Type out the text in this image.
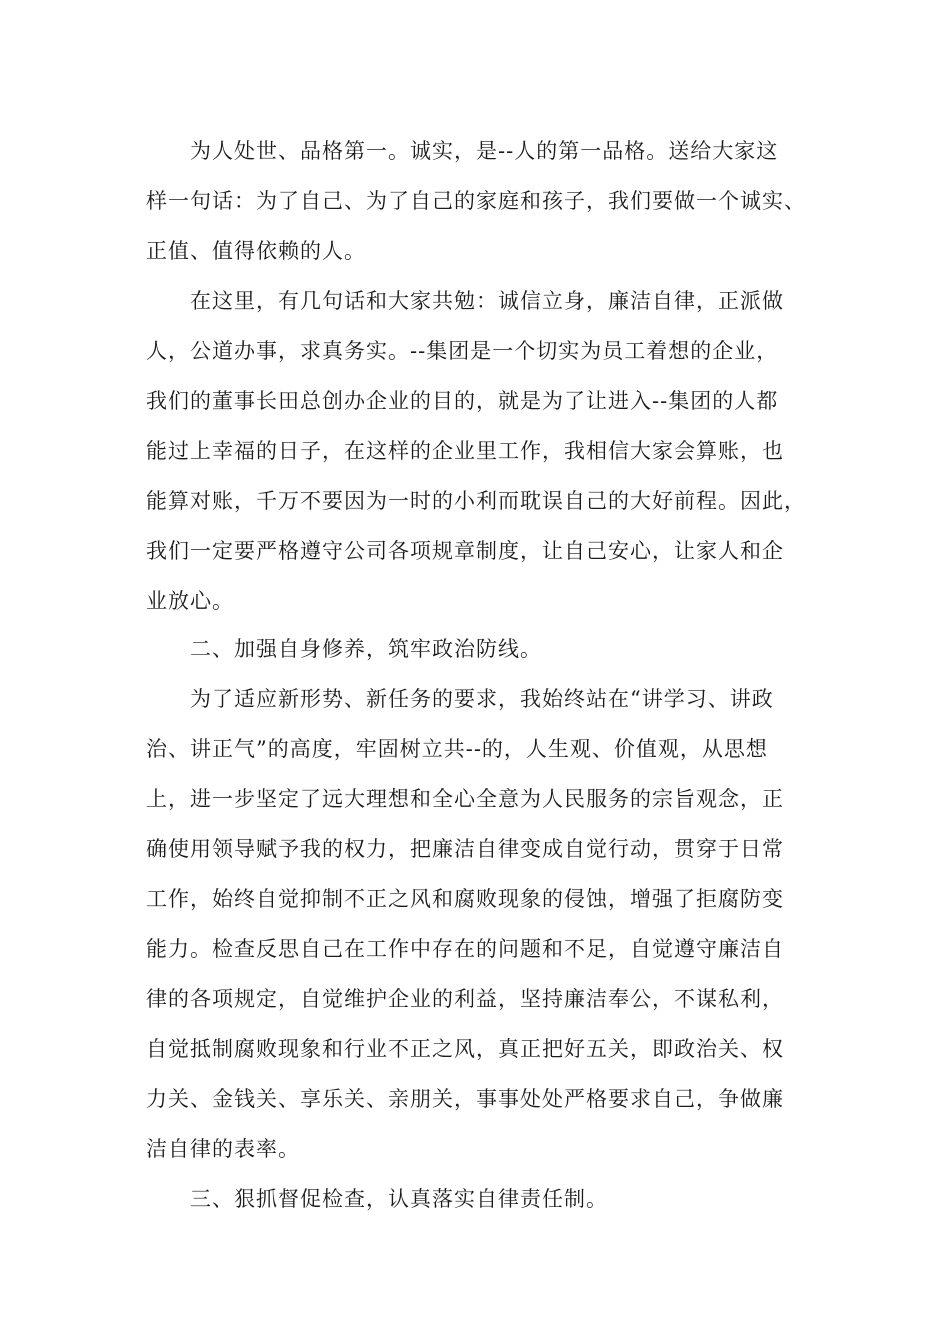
为人处世、品格第一。诚实，是--人的第一品格。送给大家这
样一句话：为了自己、为了自己的家庭和孩子，我们要做一个诚实、
正值、值得依赖的人。
在这里，有几句话和大家共勉：诚信立身，廉洁自律，正派做
人，公道办事，求真务实。--集团是一个切实为员工着想的企业，
我们的董事长田总创办企业的目的，就是为了让进入--集团的人都
能过上幸福的日子，在这样的企业里工作，我相信大家会算账，也
能算对账，千万不要因为一时的小利而耽误自己的大好前程。因此，
我们一定要严格遵守公司各项规章制度，让自己安心，让家人和企
业放心。
二、加强自身修养，筑牢政治防线。
为了适应新形势、新任务的要求，我始终站在“讲学习、讲政
治、讲正气”的高度，牢固树立共--的，人生观、价值观，从思想
上，进一步坚定了远大理想和全心全意为人民服务的宗旨观念，正
确使用领导赋予我的权力，把廉洁自律变成自觉行动，贯穿于日常
工作，始终自觉抑制不正之风和腐败现象的侵蚀，增强了拒腐防变
能力。检查反思自己在工作中存在的问题和不足，自觉遵守廉洁自
律的各项规定，自觉维护企业的利益，坚持廉洁奉公，不谋私利，
自觉抵制腐败现象和行业不正之风，真正把好五关，即政治关、权
力关、金钱关、享乐关、亲朋关，事事处处严格要求自己，争做廉
洁自律的表率。
三、狠抓督促检查，认真落实自律责任制。
